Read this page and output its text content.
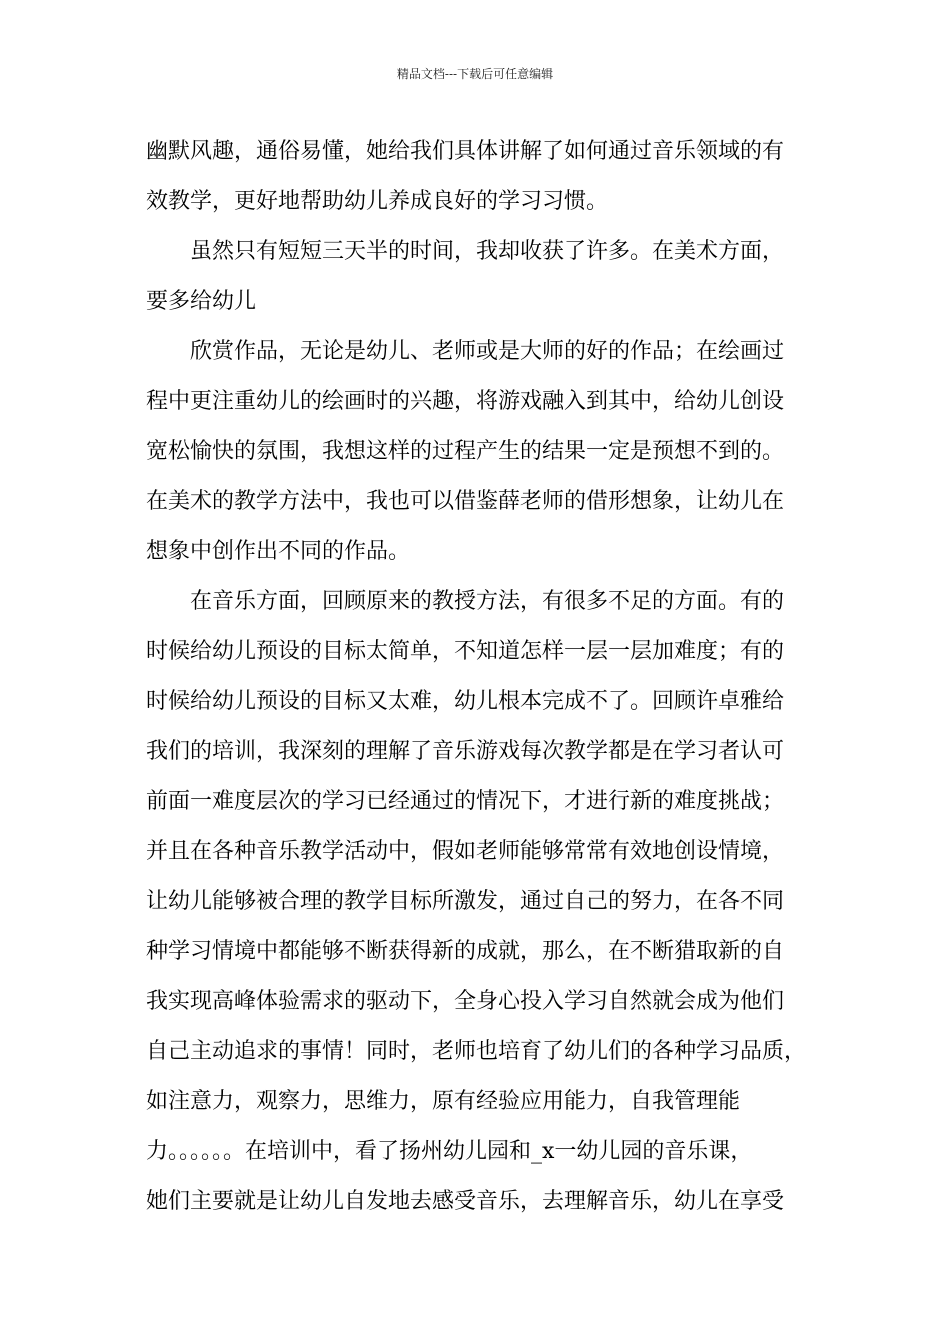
精品文档---下载后可任意编辑
幽默风趣，通俗易懂，她给我们具体讲解了如何通过音乐领域的有
效教学，更好地帮助幼儿养成良好的学习习惯。
虽然只有短短三天半的时间，我却收获了许多。在美术方面，
要多给幼儿
欣赏作品，无论是幼儿、老师或是大师的好的作品；在绘画过
程中更注重幼儿的绘画时的兴趣，将游戏融入到其中，给幼儿创设
宽松愉快的氛围，我想这样的过程产生的结果一定是预想不到的。
在美术的教学方法中，我也可以借鉴薛老师的借形想象，让幼儿在
想象中创作出不同的作品。
在音乐方面，回顾原来的教授方法，有很多不足的方面。有的
时候给幼儿预设的目标太简单，不知道怎样一层一层加难度；有的
时候给幼儿预设的目标又太难，幼儿根本完成不了。回顾许卓雅给
我们的培训，我深刻的理解了音乐游戏每次教学都是在学习者认可
前面一难度层次的学习已经通过的情况下，才进行新的难度挑战；
并且在各种音乐教学活动中，假如老师能够常常有效地创设情境，
让幼儿能够被合理的教学目标所激发，通过自己的努力，在各不同
种学习情境中都能够不断获得新的成就，那么，在不断猎取新的自
我实现高峰体验需求的驱动下，全身心投入学习自然就会成为他们
自己主动追求的事情！同时，老师也培育了幼儿们的各种学习品质，
如注意力，观察力，思维力，原有经验应用能力，自我管理能
力。。。。。。在培训中，看了扬州幼儿园和_x一幼儿园的音乐课，
她们主要就是让幼儿自发地去感受音乐，去理解音乐，幼儿在享受
